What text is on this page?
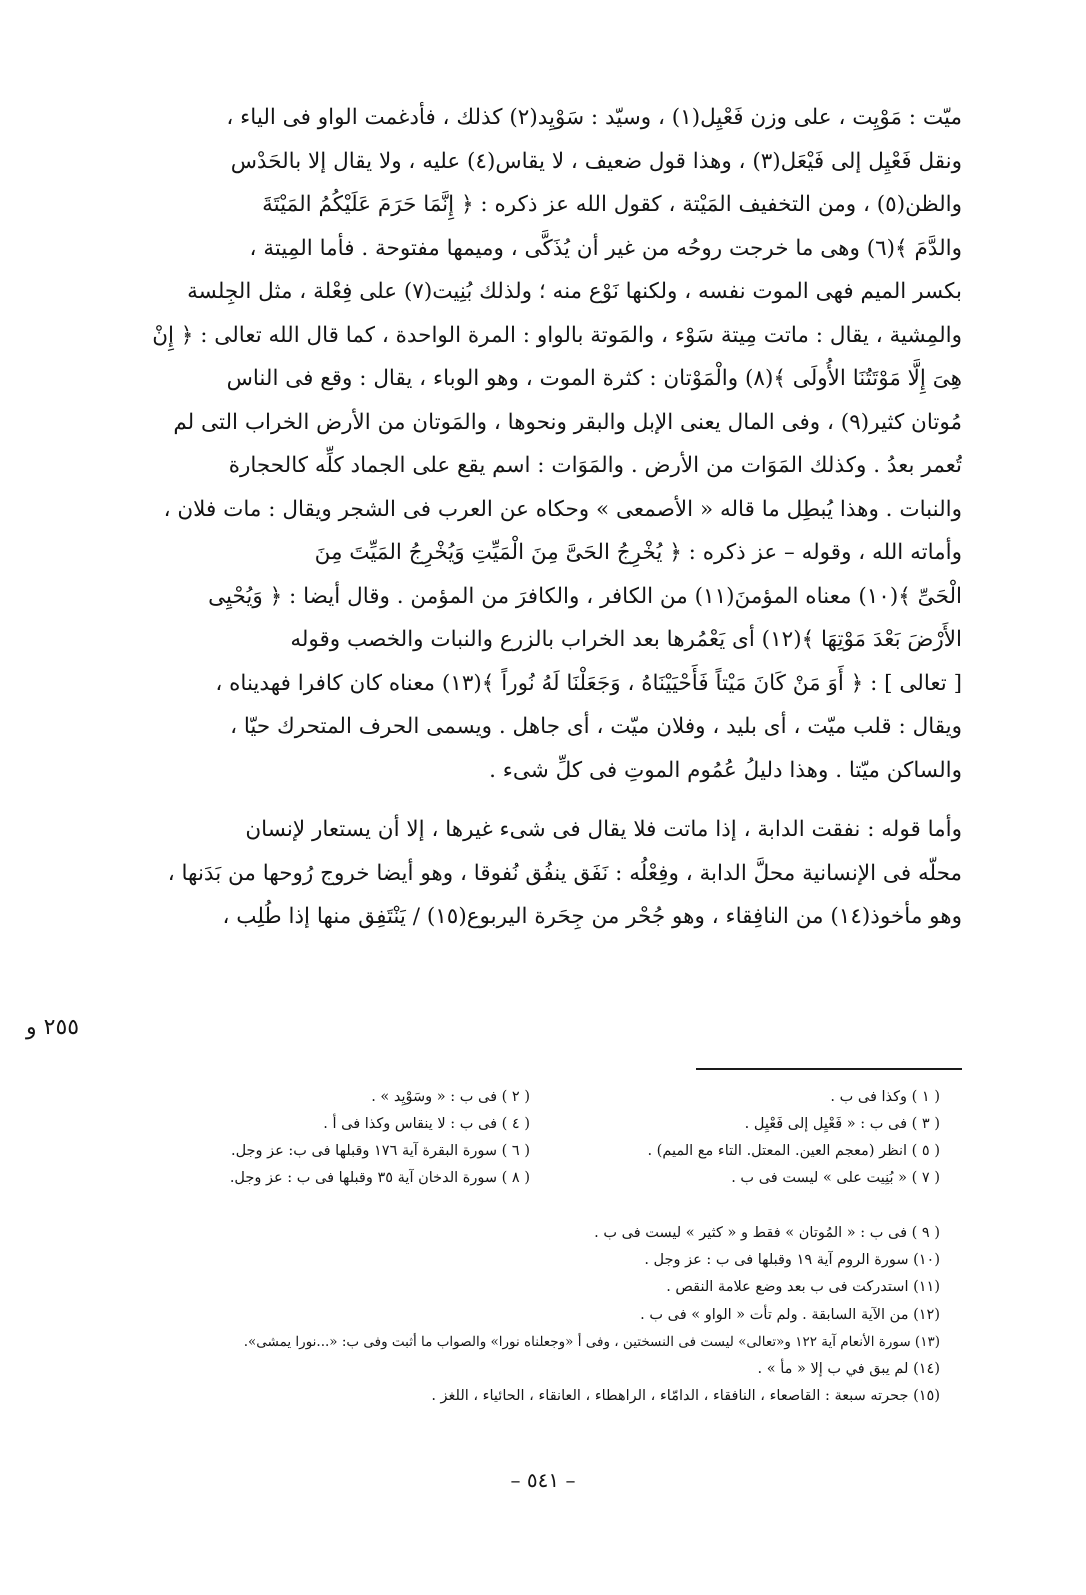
ميّت : مَوْيِت ، على وزن فَعْيِل(١) ، وسيّد : سَوْيِد(٢) كذلك ، فأدغمت الواو فى الياء ،
ونقل فَعْيِل إلى فَيْعَل(٣) ، وهذا قول ضعيف ، لا يقاس(٤) عليه ، ولا يقال إلا بالحَدْس
والظن(٥) ، ومن التخفيف المَيْتة ، كقول الله عز ذكره : ﴿ إِنَّمَا حَرَمَ عَلَيْكُمُ المَيْتَةَ
والدَّمَ ﴾(٦) وهى ما خرجت روحُه من غير أن يُذَكَّى ، وميمها مفتوحة . فأما المِيتة ،
بكسر الميم فهى الموت نفسه ، ولكنها نَوْع منه ؛ ولذلك بُنِيت(٧) على فِعْلة ، مثل الجِلسة
والمِشية ، يقال : ماتت مِيتة سَوْء ، والمَوتة بالواو : المرة الواحدة ، كما قال الله تعالى : ﴿ إِنْ
هِىَ إِلَّا مَوْتَتُنَا الأُولَى ﴾(٨) والْمَوْتان : كثرة الموت ، وهو الوباء ، يقال : وقع فى الناس
مُوتان كثير(٩) ، وفى المال يعنى الإبل والبقر ونحوها ، والمَوتان من الأرض الخراب التى لم
تُعمر بعدُ . وكذلك المَوَات من الأرض . والمَوَات : اسم يقع على الجماد كلِّه كالحجارة
والنبات . وهذا يُبطِل ما قاله « الأصمعى » وحكاه عن العرب فى الشجر ويقال : مات فلان ،
وأماته الله ، وقوله – عز ذكره : ﴿ يُخْرِجُ الحَىَّ مِنَ الْمَيِّتِ وَيُخْرِجُ المَيِّتَ مِنَ
الْحَىِّ ﴾(١٠) معناه المؤمنَ(١١) من الكافر ، والكافرَ من المؤمن . وقال أيضا : ﴿ وَيُحْيِى
الأَرْضَ بَعْدَ مَوْتِهَا ﴾(١٢) أى يَعْمُرها بعد الخراب بالزرع والنبات والخصب وقوله
[ تعالى ] : ﴿ أَوَ مَنْ كَانَ مَيْتاً فَأَحْيَيْنَاهُ ، وَجَعَلْنَا لَهُ نُوراً ﴾(١٣) معناه كان كافرا فهديناه ،
ويقال : قلب ميّت ، أى بليد ، وفلان ميّت ، أى جاهل . ويسمى الحرف المتحرك حيّا ،
والساكن ميّتا . وهذا دليلُ عُمُوم الموتِ فى كلِّ شىء .
وأما قوله : نفقت الدابة ، إذا ماتت فلا يقال فى شىء غيرها ، إلا أن يستعار لإنسان
محلّه فى الإنسانية محلَّ الدابة ، وفِعْلُه : نَفَق ينفُق نُفوقا ، وهو أيضا خروج رُوحها من بَدَنها ،
وهو مأخوذ(١٤) من النافِقاء ، وهو جُحْر من جِحَرة اليربوع(١٥) / يَنْتَفِق منها إذا طُلِب ،
٢٥٥ و
( ١ ) وكذا فى ب .
( ٢ ) فى ب : « وسَوْيِد » .
( ٣ ) فى ب : « فَعْيِل إلى فَعْيِل .
( ٤ ) فى ب : لا ينقاس وكذا فى أ .
( ٥ ) انظر (معجم العين. المعتل. التاء مع الميم) .
( ٦ ) سورة البقرة آية ١٧٦ وقبلها فى ب: عز وجل.
( ٧ ) « بُنِيت على » ليست فى ب .
( ٨ ) سورة الدخان آية ٣٥ وقبلها فى ب : عز وجل.
( ٩ ) فى ب : « المُوتان » فقط و « كثير » ليست فى ب .
(١٠) سورة الروم آية ١٩ وقبلها فى ب : عز وجل .
(١١) استدركت فى ب بعد وضع علامة النقص .
(١٢) من الآية السابقة . ولم تأت « الواو » فى ب .
(١٣) سورة الأنعام آية ١٢٢ و«تعالى» ليست فى النسختين ، وفى أ «وجعلناه نورا» والصواب ما أثبت وفى ب: «...نورا يمشى».
(١٤) لم يبق في ب إلا « مأ » .
(١٥) جحرته سبعة : القاصعاء ، النافقاء ، الدامّاء ، الراهطاء ، العانقاء ، الحائياء ، اللغز .
– ٥٤١ –
